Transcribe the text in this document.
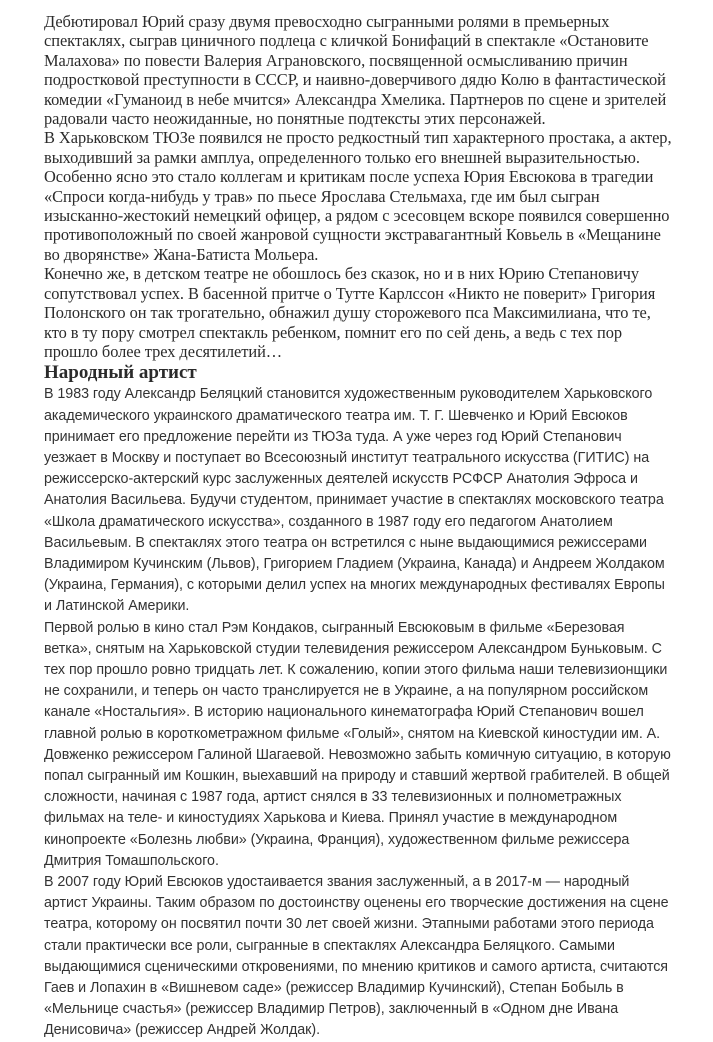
Дебютировал Юрий сразу двумя превосходно сыгранными ролями в премьерных спектаклях, сыграв циничного подлеца с кличкой Бонифаций в спектакле «Остановите Малахова» по повести Валерия Аграновского, посвященной осмысливанию причин подростковой преступности в СССР, и наивно-доверчивого дядю Колю в фантастической комедии «Гуманоид в небе мчится» Александра Хмелика. Партнеров по сцене и зрителей радовали часто неожиданные, но понятные подтексты этих персонажей.

В Харьковском ТЮЗе появился не просто редкостный тип характерного простака, а актер, выходивший за рамки амплуа, определенного только его внешней выразительностью. Особенно ясно это стало коллегам и критикам после успеха Юрия Евсюкова в трагедии «Спроси когда-нибудь у трав» по пьесе Ярослава Стельмаха, где им был сыгран изысканно-жестокий немецкий офицер, а рядом с эсесовцем вскоре появился совершенно противоположный по своей жанровой сущности экстравагантный Ковьель в «Мещанине во дворянстве» Жана-Батиста Мольера.

Конечно же, в детском театре не обошлось без сказок, но и в них Юрию Степановичу сопутствовал успех. В басенной притче о Тутте Карлссон «Никто не поверит» Григория Полонского он так трогательно, обнажил душу сторожевого пса Максимилиана, что те, кто в ту пору смотрел спектакль ребенком, помнит его по сей день, а ведь с тех пор прошло более трех десятилетий…

Народный артист

В 1983 году Александр Беляцкий становится художественным руководителем Харьковского академического украинского драматического театра им. Т. Г. Шевченко и Юрий Евсюков принимает его предложение перейти из ТЮЗа туда. А уже через год Юрий Степанович уезжает в Москву и поступает во Всесоюзный институт театрального искусства (ГИТИС) на режиссерско-актерский курс заслуженных деятелей искусств РСФСР Анатолия Эфроса и Анатолия Васильева. Будучи студентом, принимает участие в спектаклях московского театра «Школа драматического искусства», созданного в 1987 году его педагогом Анатолием Васильевым. В спектаклях этого театра он встретился с ныне выдающимися режиссерами Владимиром Кучинским (Львов), Григорием Гладием (Украина, Канада) и Андреем Жолдаком (Украина, Германия), с которыми делил успех на многих международных фестивалях Европы и Латинской Америки.

Первой ролью в кино стал Рэм Кондаков, сыгранный Евсюковым в фильме «Березовая ветка», снятым на Харьковской студии телевидения режиссером Александром Буньковым. С тех пор прошло ровно тридцать лет. К сожалению, копии этого фильма наши телевизионщики не сохранили, и теперь он часто транслируется не в Украине, а на популярном российском канале «Ностальгия». В историю национального кинематографа Юрий Степанович вошел главной ролью в короткометражном фильме «Голый», снятом на Киевской киностудии им. А. Довженко режиссером Галиной Шагаевой. Невозможно забыть комичную ситуацию, в которую попал сыгранный им Кошкин, выехавший на природу и ставший жертвой грабителей. В общей сложности, начиная с 1987 года, артист снялся в 33 телевизионных и полнометражных фильмах на теле- и киностудиях Харькова и Киева. Принял участие в международном кинопроекте «Болезнь любви» (Украина, Франция), художественном фильме режиссера Дмитрия Томашпольского.

В 2007 году Юрий Евсюков удостаивается звания заслуженный, а в 2017-м — народный артист Украины. Таким образом по достоинству оценены его творческие достижения на сцене театра, которому он посвятил почти 30 лет своей жизни. Этапными работами этого периода стали практически все роли, сыгранные в спектаклях Александра Беляцкого. Самыми выдающимися сценическими откровениями, по мнению критиков и самого артиста, считаются Гаев и Лопахин в «Вишневом саде» (режиссер Владимир Кучинский), Степан Бобыль в «Мельнице счастья» (режиссер Владимир Петров), заключенный в «Одном дне Ивана Денисовича» (режиссер Андрей Жолдак).
